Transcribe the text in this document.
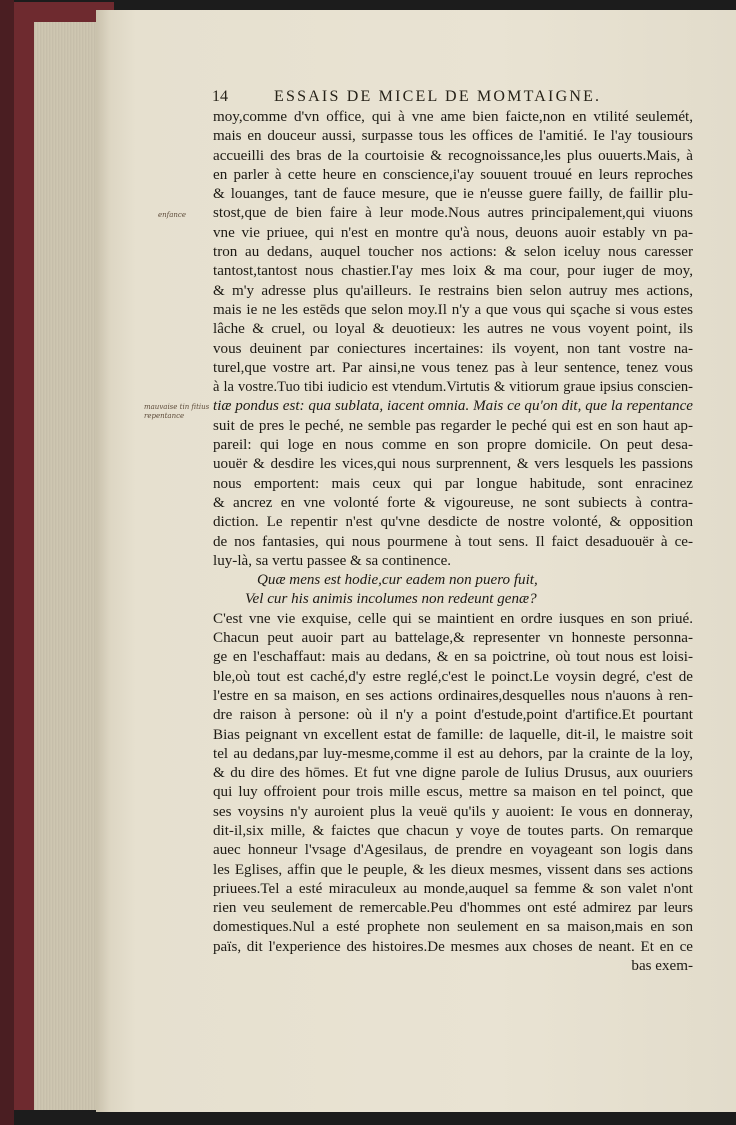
14	ESSAIS DE MICEL DE MOMTAIGNE.
enfance
mauvaise tin fitius repentance
moy,comme d'vn office, qui à vne ame bien faicte,non en vtilité seulemét,
mais en douceur aussi, surpasse tous les offices de l'amitié. Ie l'ay tousiours
accueilli des bras de la courtoisie & recognoissance,les plus ouuerts.Mais, à
en parler à cette heure en conscience,i'ay souuent trouué en leurs reproches
& louanges, tant de fauce mesure, que ie n'eusse guere failly, de faillir plu-
stost,que de bien faire à leur mode.Nous autres principalement,qui viuons
vne vie priuee, qui n'est en montre qu'à nous, deuons auoir estably vn pa-
tron au dedans, auquel toucher nos actions: & selon iceluy nous caresser
tantost,tantost nous chastier.I'ay mes loix & ma cour, pour iuger de moy,
& m'y adresse plus qu'ailleurs. Ie restrains bien selon autruy mes actions,
mais ie ne les estēds que selon moy.Il n'y a que vous qui sçache si vous estes
lâche & cruel, ou loyal & deuotieux: les autres ne vous voyent point, ils
vous deuinent par coniectures incertaines: ils voyent, non tant vostre na-
turel,que vostre art. Par ainsi,ne vous tenez pas à leur sentence, tenez vous
à la vostre.Tuo tibi iudicio est vtendum.Virtutis & vitiorum graue ipsius conscien-
tiæ pondus est: qua sublata, iacent omnia. Mais ce qu'on dit, que la repentance
suit de pres le peché, ne semble pas regarder le peché qui est en son haut ap-
pareil: qui loge en nous comme en son propre domicile. On peut desa-
uouër & desdire les vices,qui nous surprennent, & vers lesquels les passions
nous emportent: mais ceux qui par longue habitude, sont enracinez
& ancrez en vne volonté forte & vigoureuse, ne sont subiects à contra-
diction. Le repentir n'est qu'vne desdicte de nostre volonté, & opposition
de nos fantasies, qui nous pourmene à tout sens. Il faict desaduouër à ce-
luy-là, sa vertu passee & sa continence.
Quæ mens est hodie,cur eadem non puero fuit,
Vel cur his animis incolumes non redeunt genæ?
C'est vne vie exquise, celle qui se maintient en ordre iusques en son priué.
Chacun peut auoir part au battelage,& representer vn honneste personna-
ge en l'eschaffaut: mais au dedans, & en sa poictrine, où tout nous est loisi-
ble,où tout est caché,d'y estre reglé,c'est le poinct.Le voysin degré, c'est de
l'estre en sa maison, en ses actions ordinaires,desquelles nous n'auons à ren-
dre raison à persone: où il n'y a point d'estude,point d'artifice.Et pourtant
Bias peignant vn excellent estat de famille: de laquelle, dit-il, le maistre soit
tel au dedans,par luy-mesme,comme il est au dehors, par la crainte de la loy,
& du dire des hōmes. Et fut vne digne parole de Iulius Drusus, aux ouuriers
qui luy offroient pour trois mille escus, mettre sa maison en tel poinct, que
ses voysins n'y auroient plus la veuë qu'ils y auoient: Ie vous en donneray,
dit-il,six mille, & faictes que chacun y voye de toutes parts. On remarque
auec honneur l'vsage d'Agesilaus, de prendre en voyageant son logis dans
les Eglises, affin que le peuple, & les dieux mesmes, vissent dans ses actions
priuees.Tel a esté miraculeux au monde,auquel sa femme & son valet n'ont
rien veu seulement de remercable.Peu d'hommes ont esté admirez par leurs
domestiques.Nul a esté prophete non seulement en sa maison,mais en son
païs, dit l'experience des histoires.De mesmes aux choses de neant. Et en ce
bas exem-
